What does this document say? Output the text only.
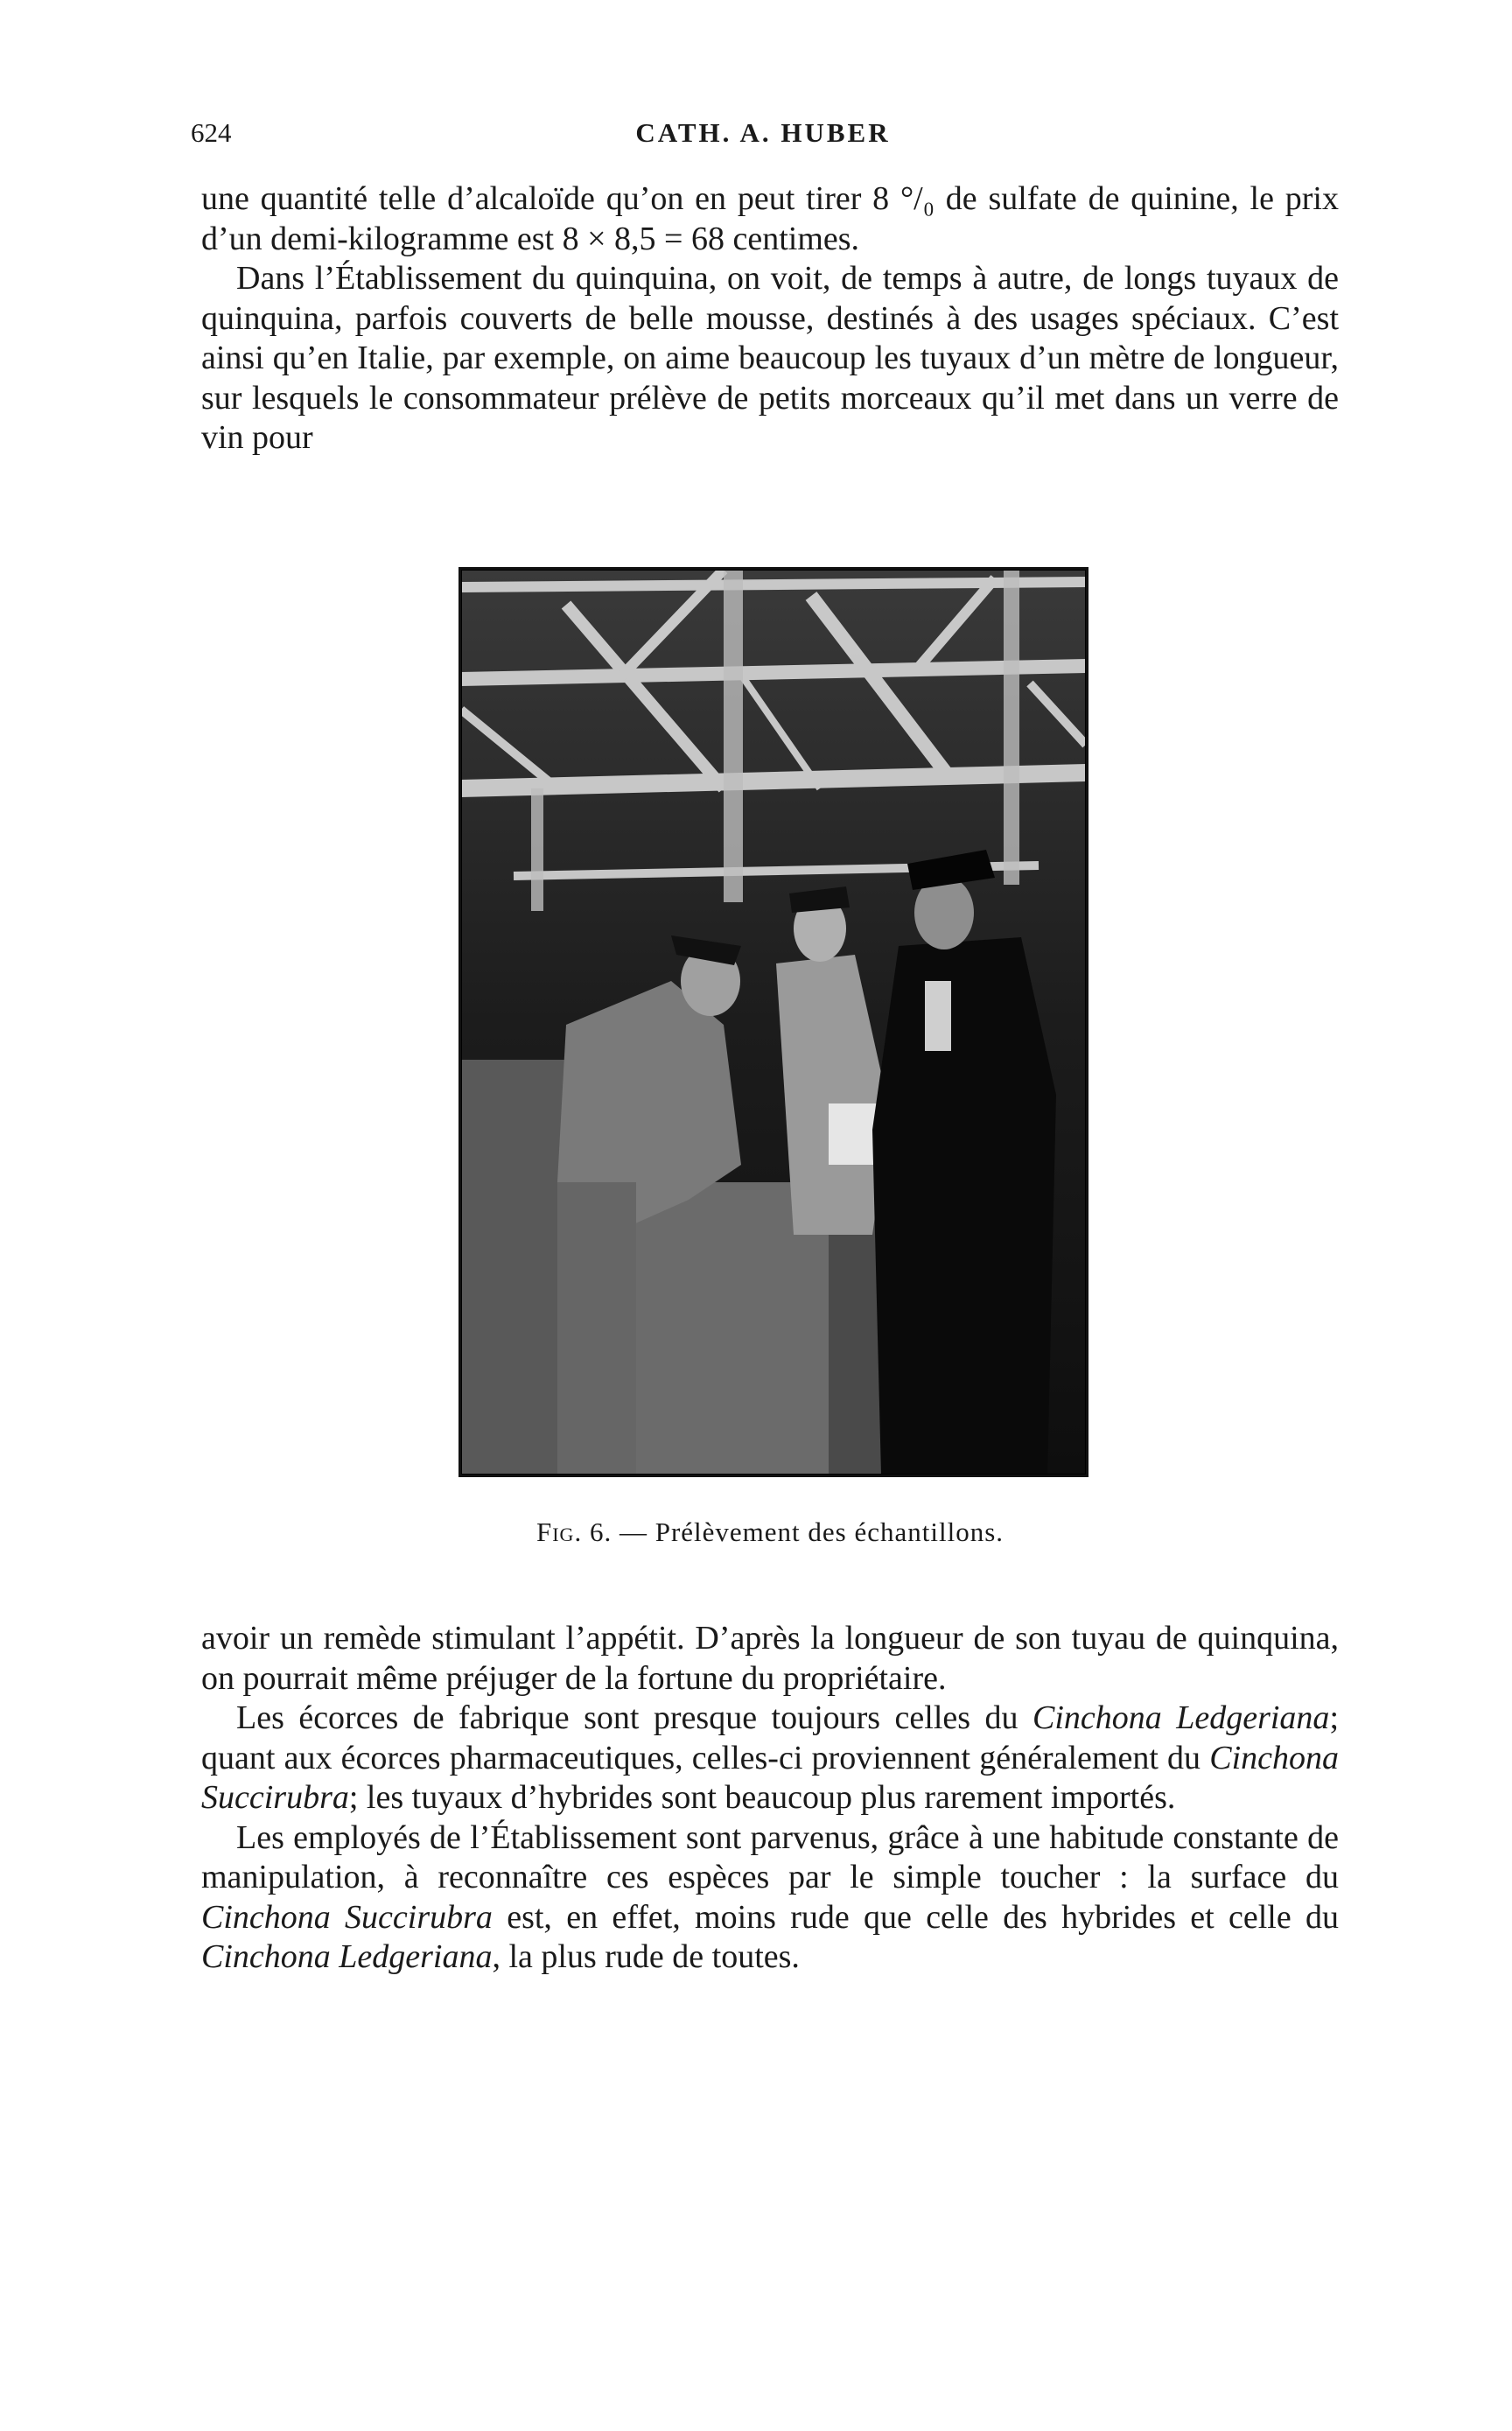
624	CATH. A. HUBER

une quantité telle d’alcaloïde qu’on en peut tirer 8 °/₀ de sulfate de quinine, le prix d’un demi-kilogramme est 8 × 8,5 = 68 centimes.

Dans l’Établissement du quinquina, on voit, de temps à autre, de longs tuyaux de quinquina, parfois couverts de belle mousse, destinés à des usages spéciaux. C’est ainsi qu’en Italie, par exemple, on aime beaucoup les tuyaux d’un mètre de longueur, sur lesquels le consommateur prélève de petits morceaux qu’il met dans un verre de vin pour

Fig. 6. — Prélèvement des échantillons.

avoir un remède stimulant l’appétit. D’après la longueur de son tuyau de quinquina, on pourrait même préjuger de la fortune du propriétaire.

Les écorces de fabrique sont presque toujours celles du Cinchona Ledgeriana; quant aux écorces pharmaceutiques, celles-ci proviennent généralement du Cinchona Succirubra; les tuyaux d’hybrides sont beaucoup plus rarement importés.

Les employés de l’Établissement sont parvenus, grâce à une habitude constante de manipulation, à reconnaître ces espèces par le simple toucher : la surface du Cinchona Succirubra est, en effet, moins rude que celle des hybrides et celle du Cinchona Ledgeriana, la plus rude de toutes.
